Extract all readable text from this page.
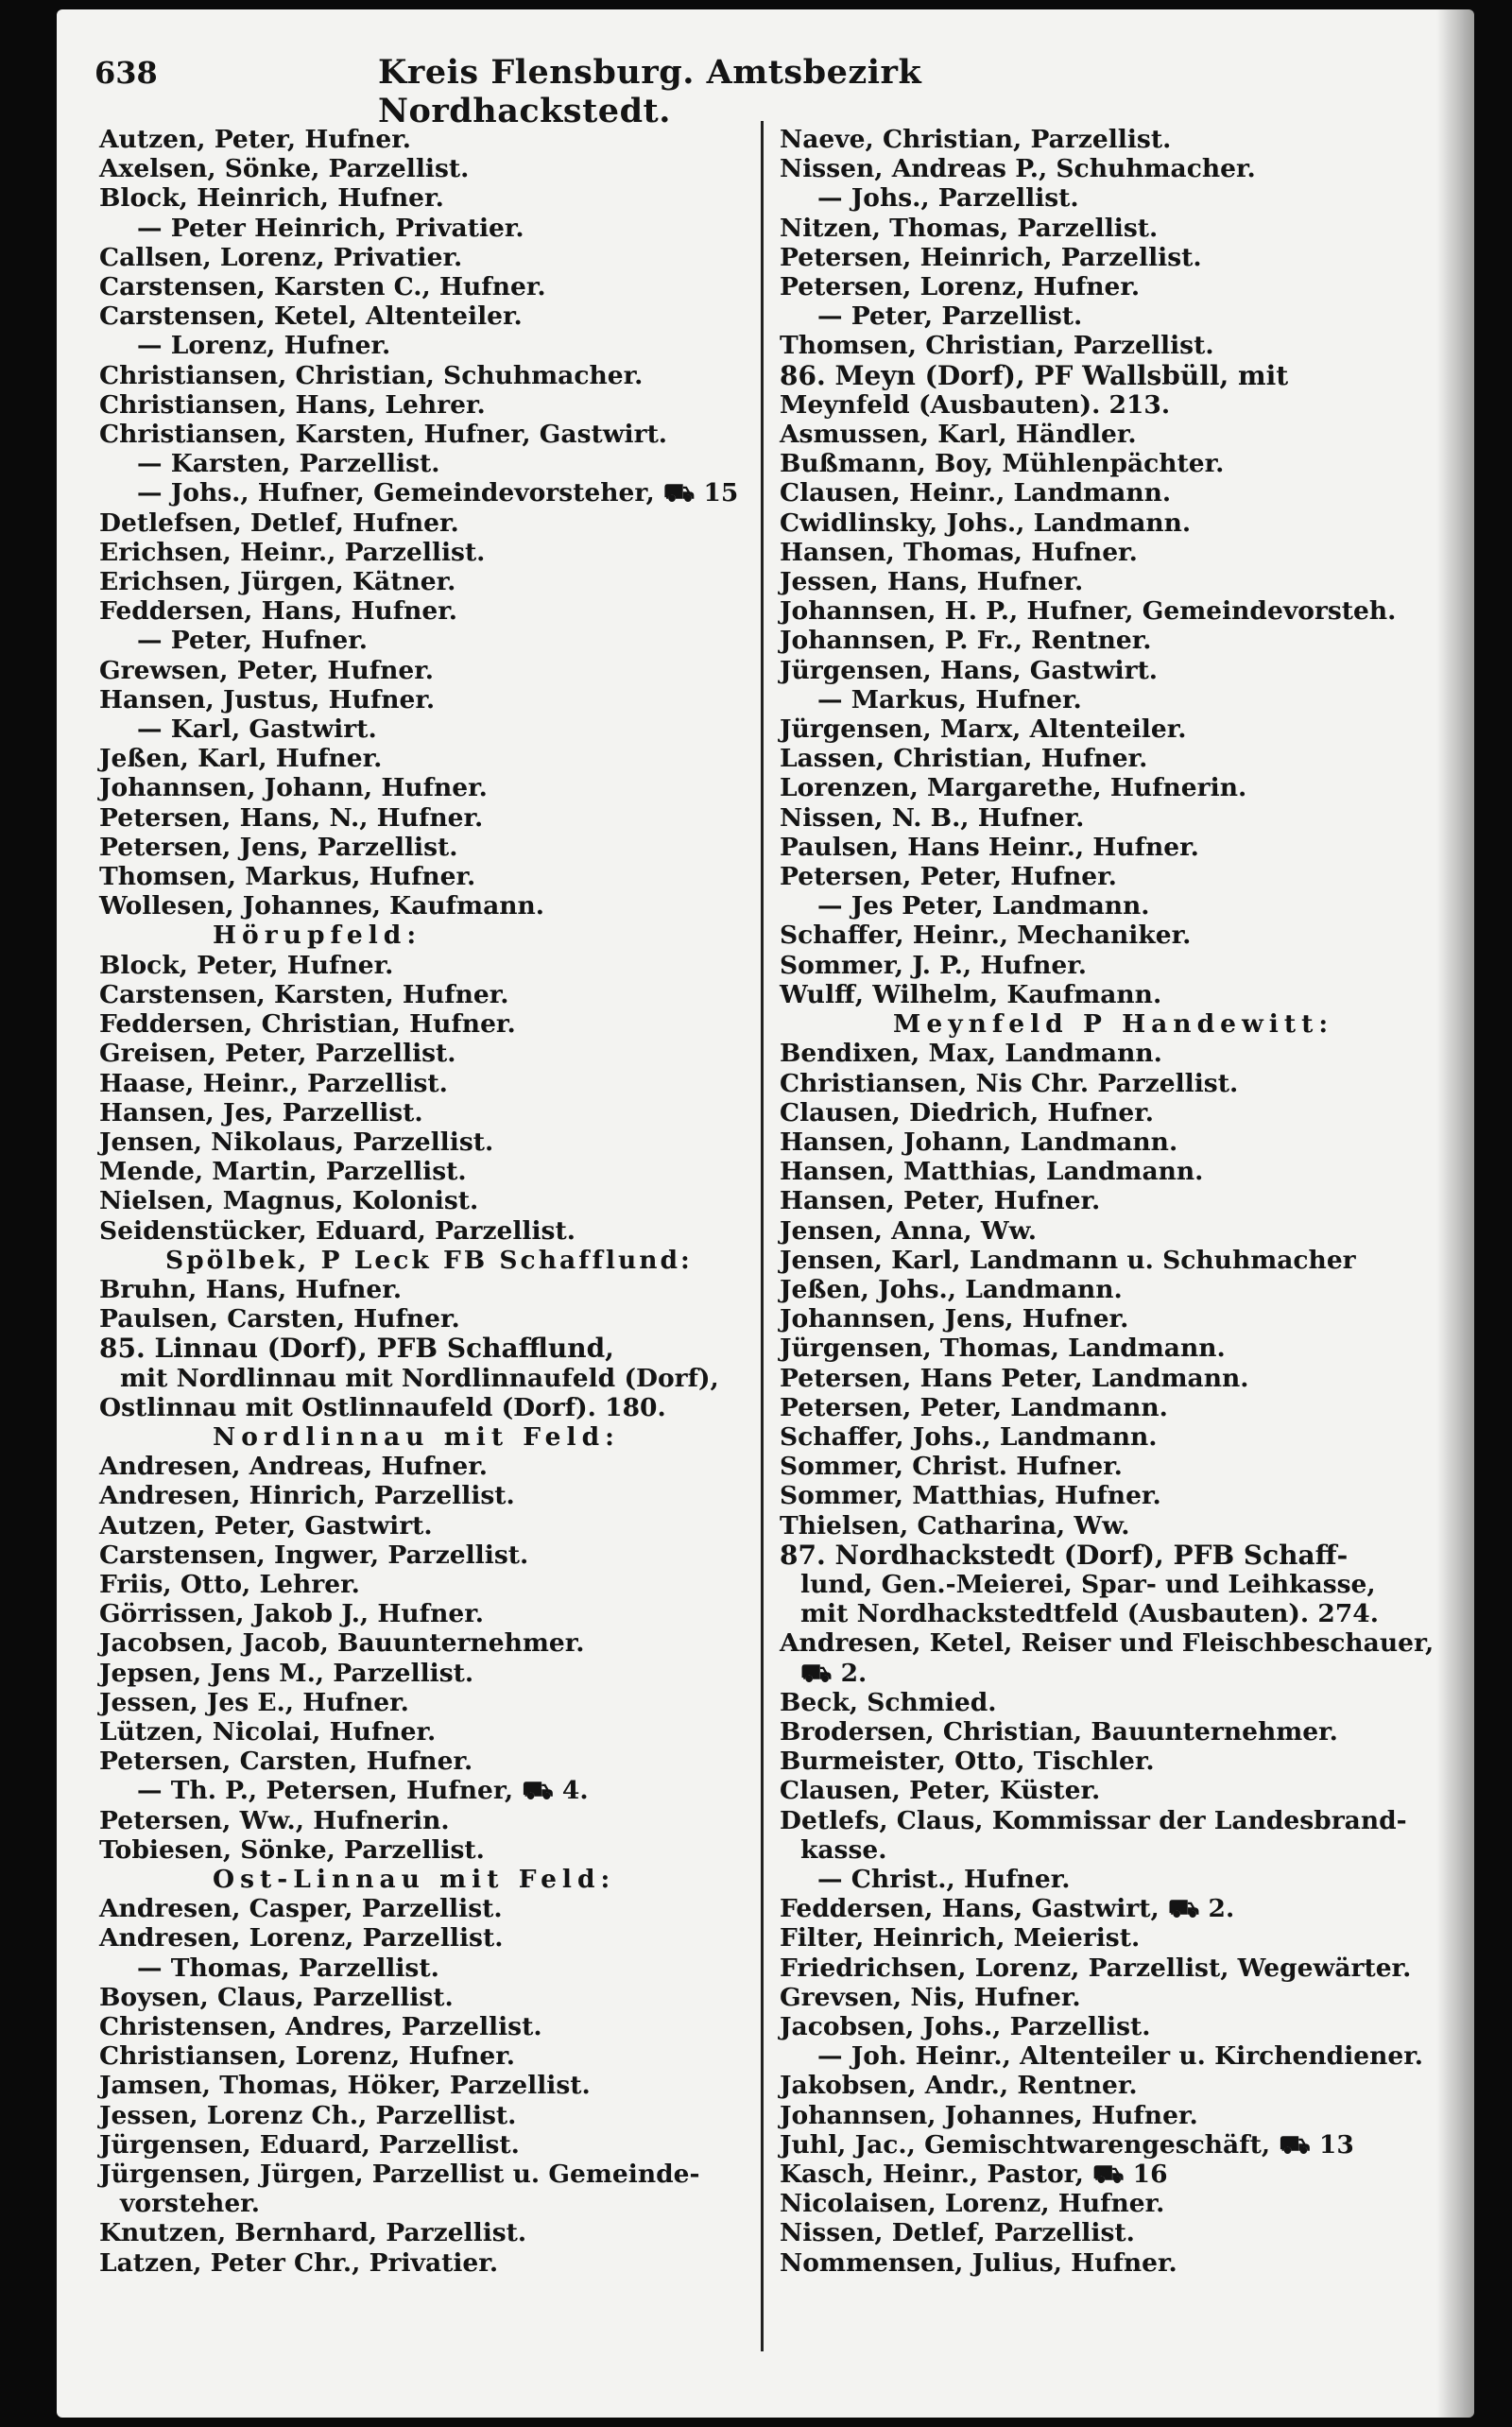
638	Kreis Flensburg. Amtsbezirk Nordhackstedt.
Autzen, Peter, Hufner.
Axelsen, Sönke, Parzellist.
Block, Heinrich, Hufner.
— Peter Heinrich, Privatier.
Callsen, Lorenz, Privatier.
Carstensen, Karsten C., Hufner.
Carstensen, Ketel, Altenteiler.
— Lorenz, Hufner.
Christiansen, Christian, Schuhmacher.
Christiansen, Hans, Lehrer.
Christiansen, Karsten, Hufner, Gastwirt.
— Karsten, Parzellist.
— Johs., Hufner, Gemeindevorsteher, ⛟ 15
Detlefsen, Detlef, Hufner.
Erichsen, Heinr., Parzellist.
Erichsen, Jürgen, Kätner.
Feddersen, Hans, Hufner.
— Peter, Hufner.
Grewsen, Peter, Hufner.
Hansen, Justus, Hufner.
— Karl, Gastwirt.
Jeßen, Karl, Hufner.
Johannsen, Johann, Hufner.
Petersen, Hans, N., Hufner.
Petersen, Jens, Parzellist.
Thomsen, Markus, Hufner.
Wollesen, Johannes, Kaufmann.
Hörupfeld:
Block, Peter, Hufner.
Carstensen, Karsten, Hufner.
Feddersen, Christian, Hufner.
Greisen, Peter, Parzellist.
Haase, Heinr., Parzellist.
Hansen, Jes, Parzellist.
Jensen, Nikolaus, Parzellist.
Mende, Martin, Parzellist.
Nielsen, Magnus, Kolonist.
Seidenstücker, Eduard, Parzellist.
Spölbek, P Leck FB Schafflund:
Bruhn, Hans, Hufner.
Paulsen, Carsten, Hufner.
85. Linnau (Dorf), PFB Schafflund,
mit Nordlinnau mit Nordlinnaufeld (Dorf),
Ostlinnau mit Ostlinnaufeld (Dorf). 180.
Nordlinnau mit Feld:
Andresen, Andreas, Hufner.
Andresen, Hinrich, Parzellist.
Autzen, Peter, Gastwirt.
Carstensen, Ingwer, Parzellist.
Friis, Otto, Lehrer.
Görrissen, Jakob J., Hufner.
Jacobsen, Jacob, Bauunternehmer.
Jepsen, Jens M., Parzellist.
Jessen, Jes E., Hufner.
Lützen, Nicolai, Hufner.
Petersen, Carsten, Hufner.
— Th. P., Petersen, Hufner, ⛟ 4.
Petersen, Ww., Hufnerin.
Tobiesen, Sönke, Parzellist.
Ost-Linnau mit Feld:
Andresen, Casper, Parzellist.
Andresen, Lorenz, Parzellist.
— Thomas, Parzellist.
Boysen, Claus, Parzellist.
Christensen, Andres, Parzellist.
Christiansen, Lorenz, Hufner.
Jamsen, Thomas, Höker, Parzellist.
Jessen, Lorenz Ch., Parzellist.
Jürgensen, Eduard, Parzellist.
Jürgensen, Jürgen, Parzellist u. Gemeinde-
vorsteher.
Knutzen, Bernhard, Parzellist.
Latzen, Peter Chr., Privatier.
Naeve, Christian, Parzellist.
Nissen, Andreas P., Schuhmacher.
— Johs., Parzellist.
Nitzen, Thomas, Parzellist.
Petersen, Heinrich, Parzellist.
Petersen, Lorenz, Hufner.
— Peter, Parzellist.
Thomsen, Christian, Parzellist.
86. Meyn (Dorf), PF Wallsbüll, mit
Meynfeld (Ausbauten). 213.
Asmussen, Karl, Händler.
Bußmann, Boy, Mühlenpächter.
Clausen, Heinr., Landmann.
Cwidlinsky, Johs., Landmann.
Hansen, Thomas, Hufner.
Jessen, Hans, Hufner.
Johannsen, H. P., Hufner, Gemeindevorsteh.
Johannsen, P. Fr., Rentner.
Jürgensen, Hans, Gastwirt.
— Markus, Hufner.
Jürgensen, Marx, Altenteiler.
Lassen, Christian, Hufner.
Lorenzen, Margarethe, Hufnerin.
Nissen, N. B., Hufner.
Paulsen, Hans Heinr., Hufner.
Petersen, Peter, Hufner.
— Jes Peter, Landmann.
Schaffer, Heinr., Mechaniker.
Sommer, J. P., Hufner.
Wulff, Wilhelm, Kaufmann.
Meynfeld P Handewitt:
Bendixen, Max, Landmann.
Christiansen, Nis Chr. Parzellist.
Clausen, Diedrich, Hufner.
Hansen, Johann, Landmann.
Hansen, Matthias, Landmann.
Hansen, Peter, Hufner.
Jensen, Anna, Ww.
Jensen, Karl, Landmann u. Schuhmacher
Jeßen, Johs., Landmann.
Johannsen, Jens, Hufner.
Jürgensen, Thomas, Landmann.
Petersen, Hans Peter, Landmann.
Petersen, Peter, Landmann.
Schaffer, Johs., Landmann.
Sommer, Christ. Hufner.
Sommer, Matthias, Hufner.
Thielsen, Catharina, Ww.
87. Nordhackstedt (Dorf), PFB Schaff-
lund, Gen.-Meierei, Spar- und Leihkasse,
mit Nordhackstedtfeld (Ausbauten). 274.
Andresen, Ketel, Reiser und Fleischbeschauer,
⛟ 2.
Beck, Schmied.
Brodersen, Christian, Bauunternehmer.
Burmeister, Otto, Tischler.
Clausen, Peter, Küster.
Detlefs, Claus, Kommissar der Landesbrand-
kasse.
— Christ., Hufner.
Feddersen, Hans, Gastwirt, ⛟ 2.
Filter, Heinrich, Meierist.
Friedrichsen, Lorenz, Parzellist, Wegewärter.
Grevsen, Nis, Hufner.
Jacobsen, Johs., Parzellist.
— Joh. Heinr., Altenteiler u. Kirchendiener.
Jakobsen, Andr., Rentner.
Johannsen, Johannes, Hufner.
Juhl, Jac., Gemischtwarengeschäft, ⛟ 13
Kasch, Heinr., Pastor, ⛟ 16
Nicolaisen, Lorenz, Hufner.
Nissen, Detlef, Parzellist.
Nommensen, Julius, Hufner.
